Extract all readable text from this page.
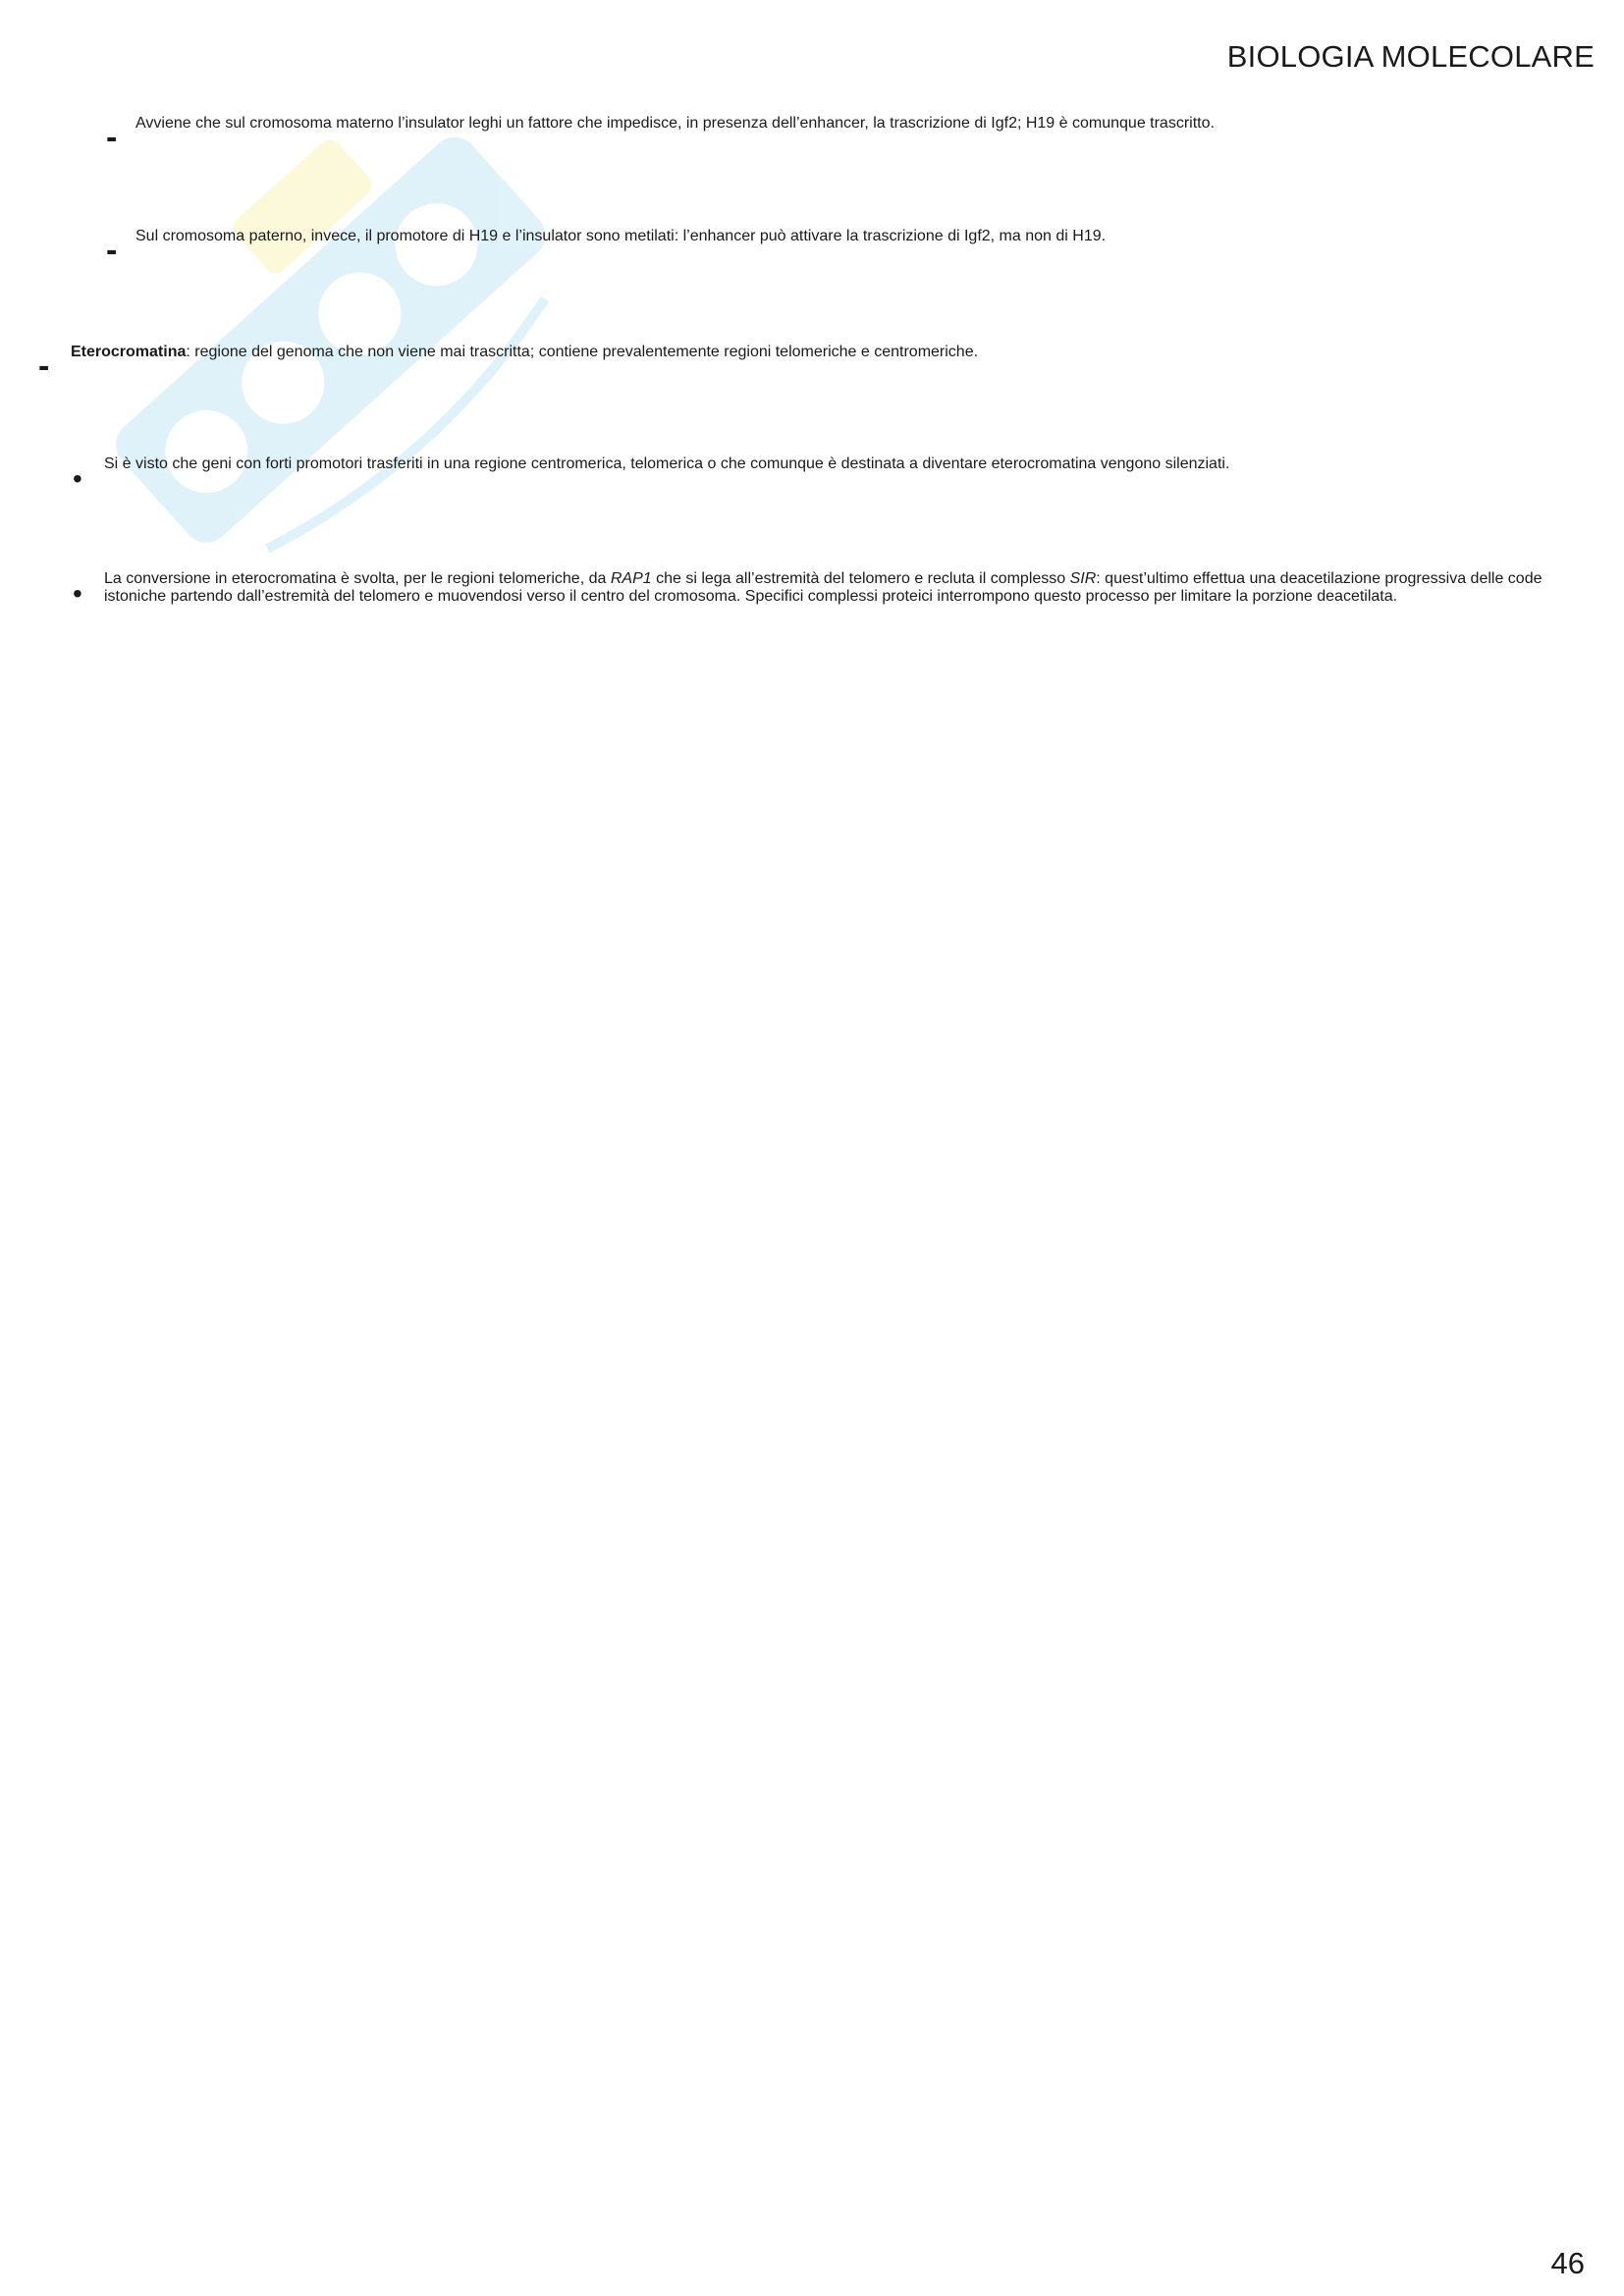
BIOLOGIA MOLECOLARE
- Avviene che sul cromosoma materno l’insulator leghi un fattore che impedisce, in presenza dell’enhancer, la trascrizione di Igf2; H19 è comunque trascritto.
- Sul cromosoma paterno, invece, il promotore di H19 e l’insulator sono metilati: l’enhancer può attivare la trascrizione di Igf2, ma non di H19.
- Eterocromatina: regione del genoma che non viene mai trascritta; contiene prevalentemente regioni telomeriche e centromeriche.
• Si è visto che geni con forti promotori trasferiti in una regione centromerica, telomerica o che comunque è destinata a diventare eterocromatina vengono silenziati.
• La conversione in eterocromatina è svolta, per le regioni telomeriche, da RAP1 che si lega all’estremità del telomero e recluta il complesso SIR: quest’ultimo effettua una deacetilazione progressiva delle code istoniche partendo dall’estremità del telomero e muovendosi verso il centro del cromosoma. Specifici complessi proteici interrompono questo processo per limitare la porzione deacetilata.
46
